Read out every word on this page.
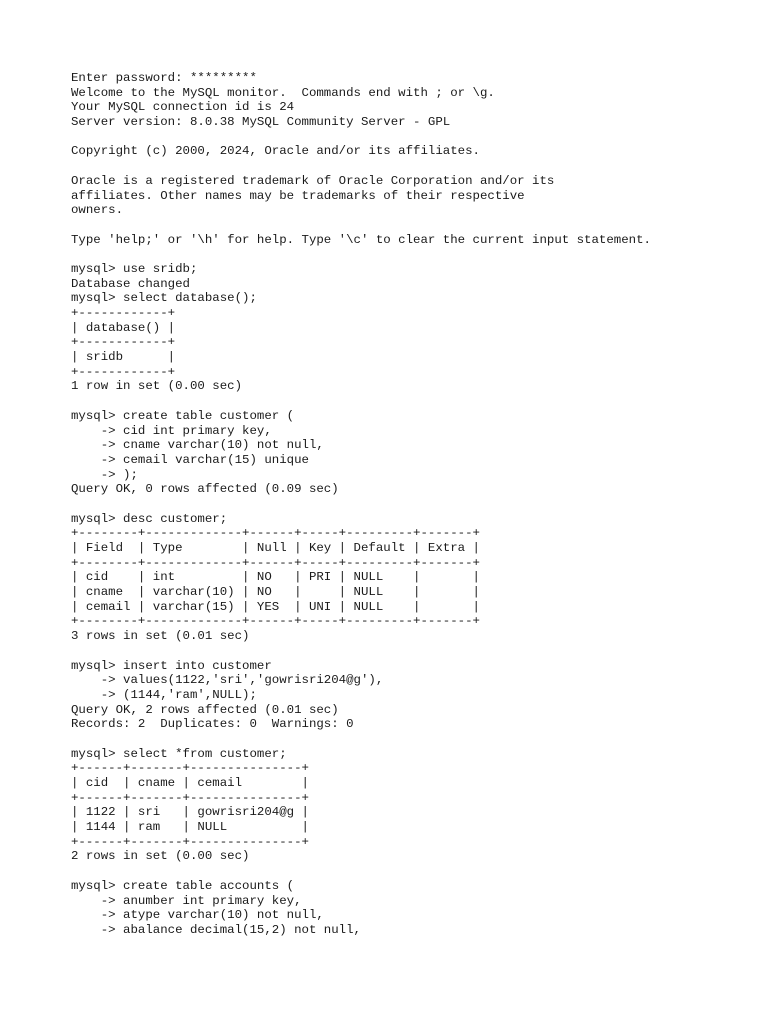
Enter password: *********
Welcome to the MySQL monitor.  Commands end with ; or \g.
Your MySQL connection id is 24
Server version: 8.0.38 MySQL Community Server - GPL
Copyright (c) 2000, 2024, Oracle and/or its affiliates.
Oracle is a registered trademark of Oracle Corporation and/or its
affiliates. Other names may be trademarks of their respective
owners.
Type 'help;' or '\h' for help. Type '\c' to clear the current input statement.
mysql> use sridb;
Database changed
mysql> select database();
+------------+
| database() |
+------------+
| sridb      |
+------------+
1 row in set (0.00 sec)
mysql> create table customer (
-> cid int primary key,
-> cname varchar(10) not null,
-> cemail varchar(15) unique
-> );
Query OK, 0 rows affected (0.09 sec)
mysql> desc customer;
+--------+-------------+------+-----+---------+-------+
| Field  | Type        | Null | Key | Default | Extra |
+--------+-------------+------+-----+---------+-------+
| cid    | int         | NO   | PRI | NULL    |       |
| cname  | varchar(10) | NO   |     | NULL    |       |
| cemail | varchar(15) | YES  | UNI | NULL    |       |
+--------+-------------+------+-----+---------+-------+
3 rows in set (0.01 sec)
mysql> insert into customer
-> values(1122,'sri','gowrisri204@g'),
-> (1144,'ram',NULL);
Query OK, 2 rows affected (0.01 sec)
Records: 2  Duplicates: 0  Warnings: 0
mysql> select *from customer;
+------+-------+---------------+
| cid  | cname | cemail        |
+------+-------+---------------+
| 1122 | sri   | gowrisri204@g |
| 1144 | ram   | NULL          |
+------+-------+---------------+
2 rows in set (0.00 sec)
mysql> create table accounts (
-> anumber int primary key,
-> atype varchar(10) not null,
-> abalance decimal(15,2) not null,
